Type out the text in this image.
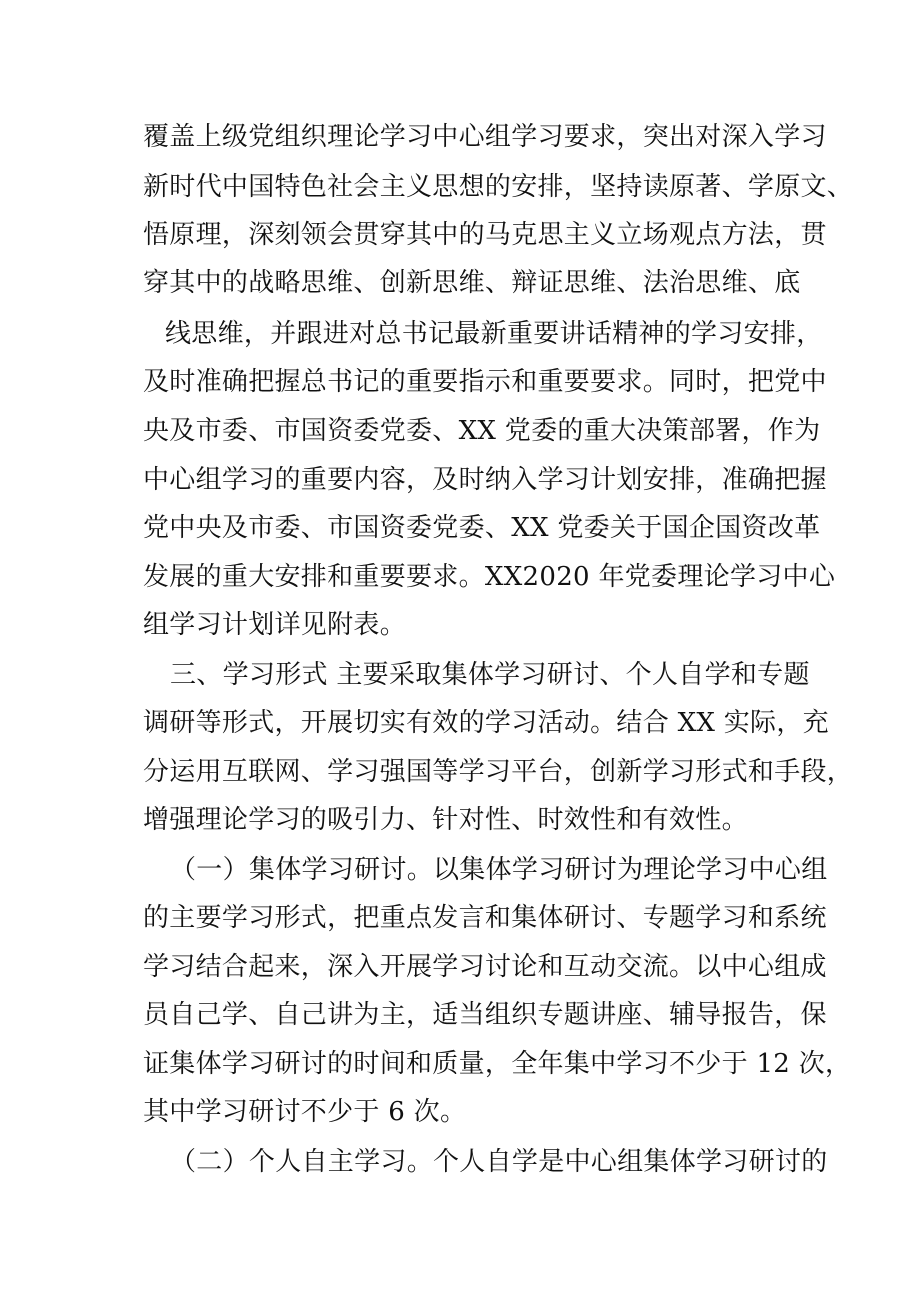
覆盖上级党组织理论学习中心组学习要求，突出对深入学习
新时代中国特色社会主义思想的安排，坚持读原著、学原文、
悟原理，深刻领会贯穿其中的马克思主义立场观点方法，贯
穿其中的战略思维、创新思维、辩证思维、法治思维、底
线思维，并跟进对总书记最新重要讲话精神的学习安排，
及时准确把握总书记的重要指示和重要要求。同时，把党中
央及市委、市国资委党委、XX 党委的重大决策部署，作为
中心组学习的重要内容，及时纳入学习计划安排，准确把握
党中央及市委、市国资委党委、XX 党委关于国企国资改革
发展的重大安排和重要要求。XX2020 年党委理论学习中心
组学习计划详见附表。
三、学习形式 主要采取集体学习研讨、个人自学和专题
调研等形式，开展切实有效的学习活动。结合 XX 实际，充
分运用互联网、学习强国等学习平台，创新学习形式和手段，
增强理论学习的吸引力、针对性、时效性和有效性。
（一）集体学习研讨。以集体学习研讨为理论学习中心组
的主要学习形式，把重点发言和集体研讨、专题学习和系统
学习结合起来，深入开展学习讨论和互动交流。以中心组成
员自己学、自己讲为主，适当组织专题讲座、辅导报告，保
证集体学习研讨的时间和质量，全年集中学习不少于 12 次，
其中学习研讨不少于 6 次。
（二）个人自主学习。个人自学是中心组集体学习研讨的
